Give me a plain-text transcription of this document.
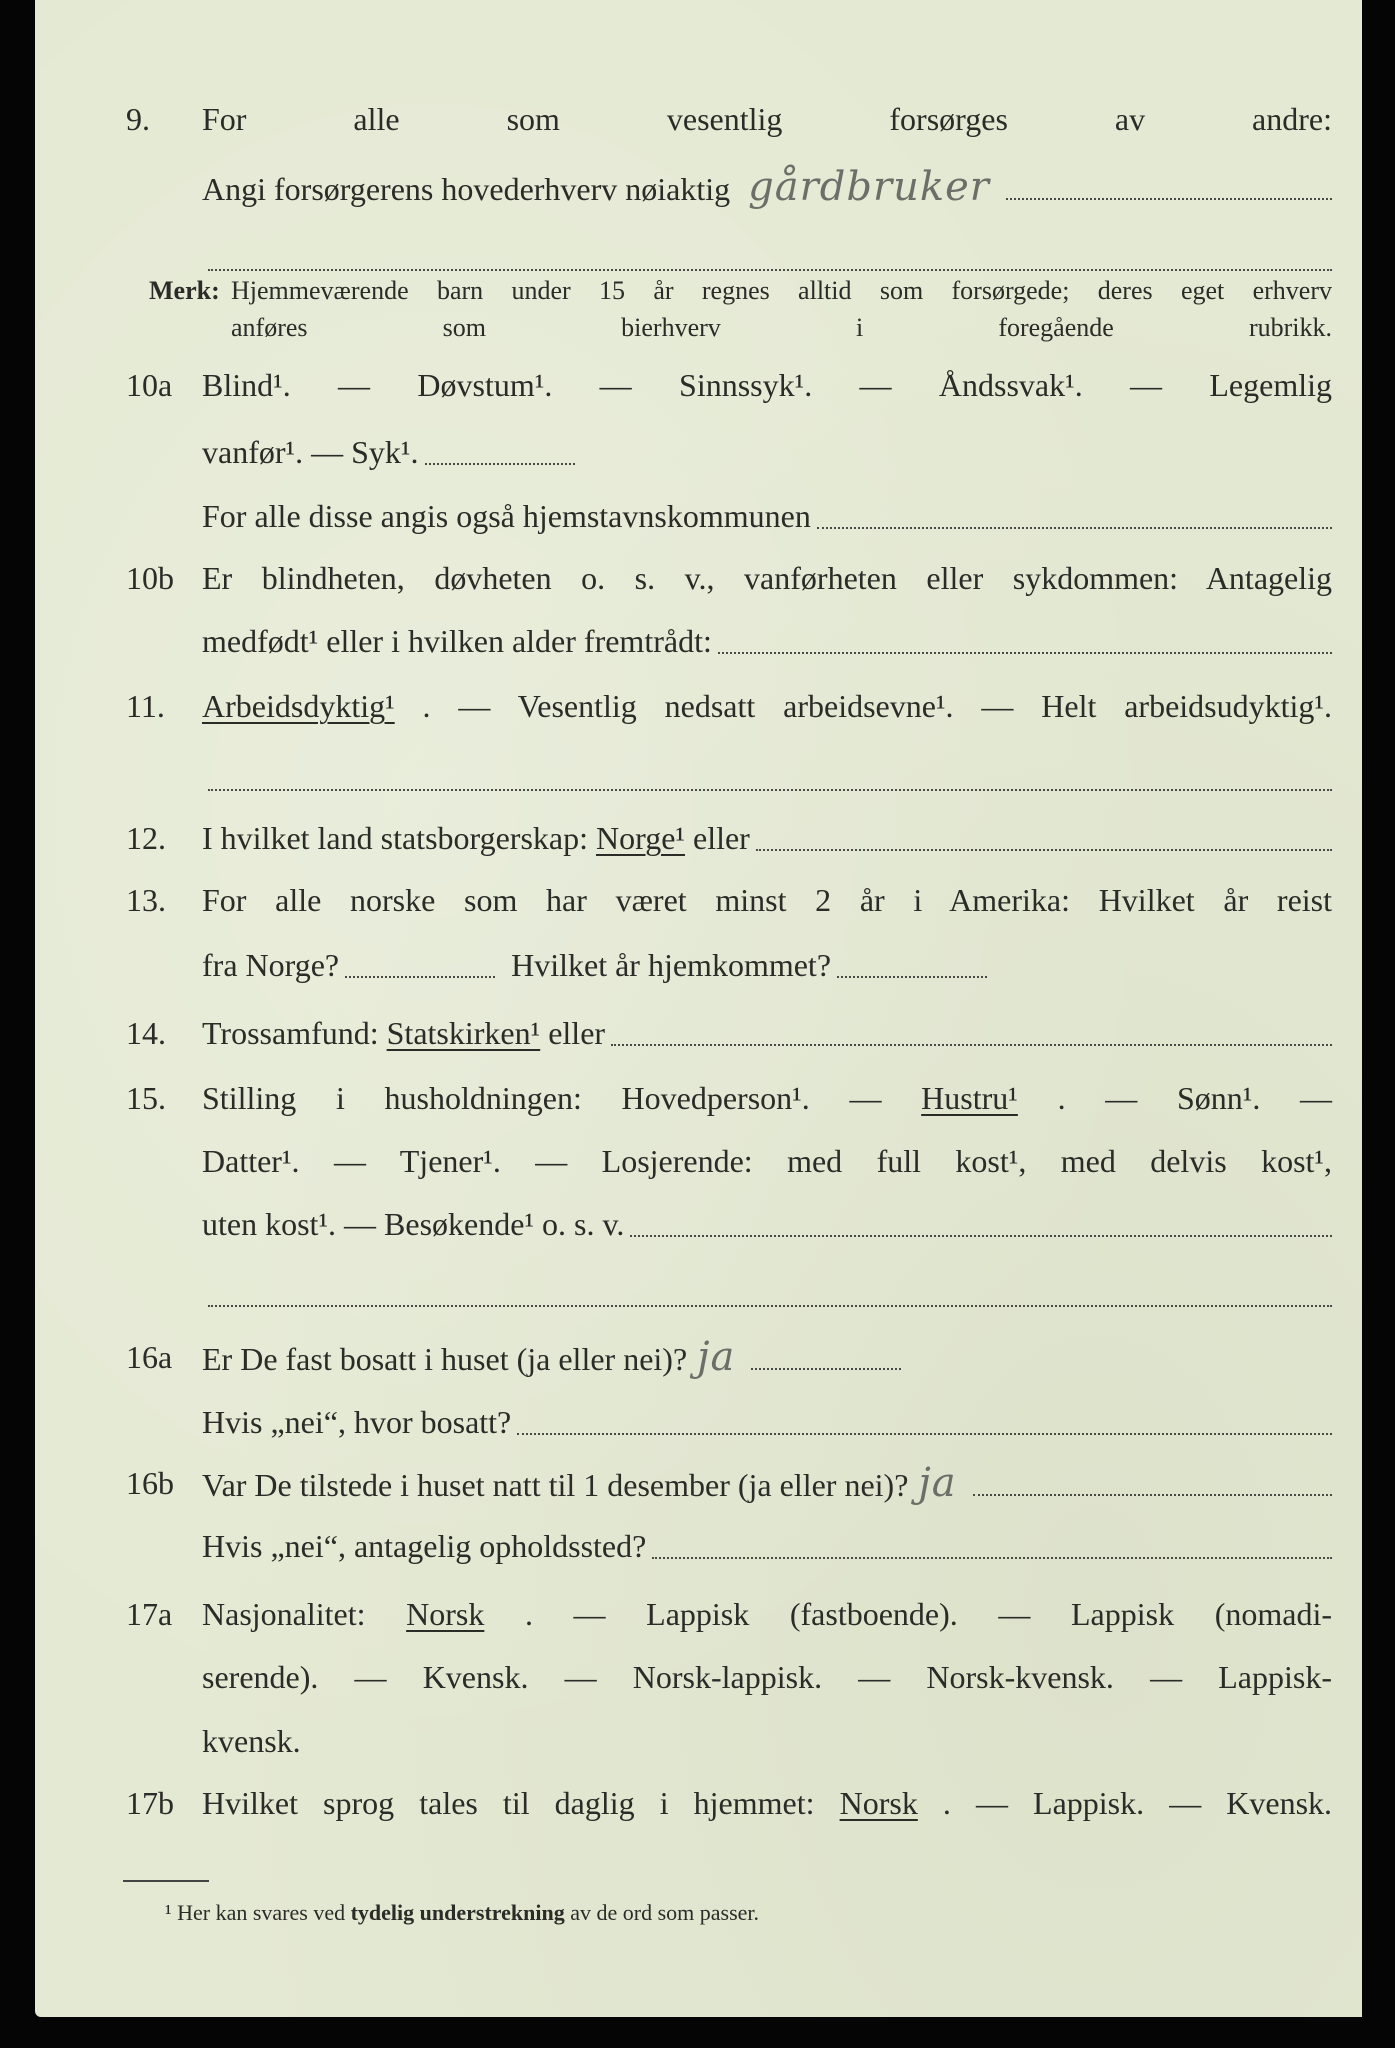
9.	For alle som vesentlig forsørges av andre:
Angi forsørgerens hovederhverv nøiaktig gårdbruker
Merk: Hjemmeværende barn under 15 år regnes alltid som forsørgede; deres eget erhverv
anføres som bierhverv i foregående rubrikk.
10a Blind¹. — Døvstum¹. — Sinnssyk¹. — Åndssvak¹. — Legemlig
vanfør¹. — Syk¹.
For alle disse angis også hjemstavnskommunen
10b Er blindheten, døvheten o. s. v., vanførheten eller sykdommen: Antagelig
medfødt¹ eller i hvilken alder fremtrådt:
11.	Arbeidsdyktig¹ . — Vesentlig nedsatt arbeidsevne¹. — Helt arbeidsudyktig¹.
12.	I hvilket land statsborgerskap: Norge¹ eller
13.	For alle norske som har været minst 2 år i Amerika: Hvilket år reist
fra Norge?	Hvilket år hjemkommet?
14.	Trossamfund: Statskirken¹ eller
15.	Stilling i husholdningen: Hovedperson¹. — Hustru¹ . — Sønn¹. —
Datter¹. — Tjener¹. — Losjerende: med full kost¹, med delvis kost¹,
uten kost¹. — Besøkende¹ o. s. v.
16a Er De fast bosatt i huset (ja eller nei)? ja
Hvis „nei“, hvor bosatt?
16b Var De tilstede i huset natt til 1 desember (ja eller nei)? ja
Hvis „nei“, antagelig opholdssted?
17a Nasjonalitet: Norsk . — Lappisk (fastboende). — Lappisk (nomadi-
serende). — Kvensk. — Norsk-lappisk. — Norsk-kvensk. — Lappisk-
kvensk.
17b Hvilket sprog tales til daglig i hjemmet: Norsk . — Lappisk. — Kvensk.
¹ Her kan svares ved tydelig understrekning av de ord som passer.
